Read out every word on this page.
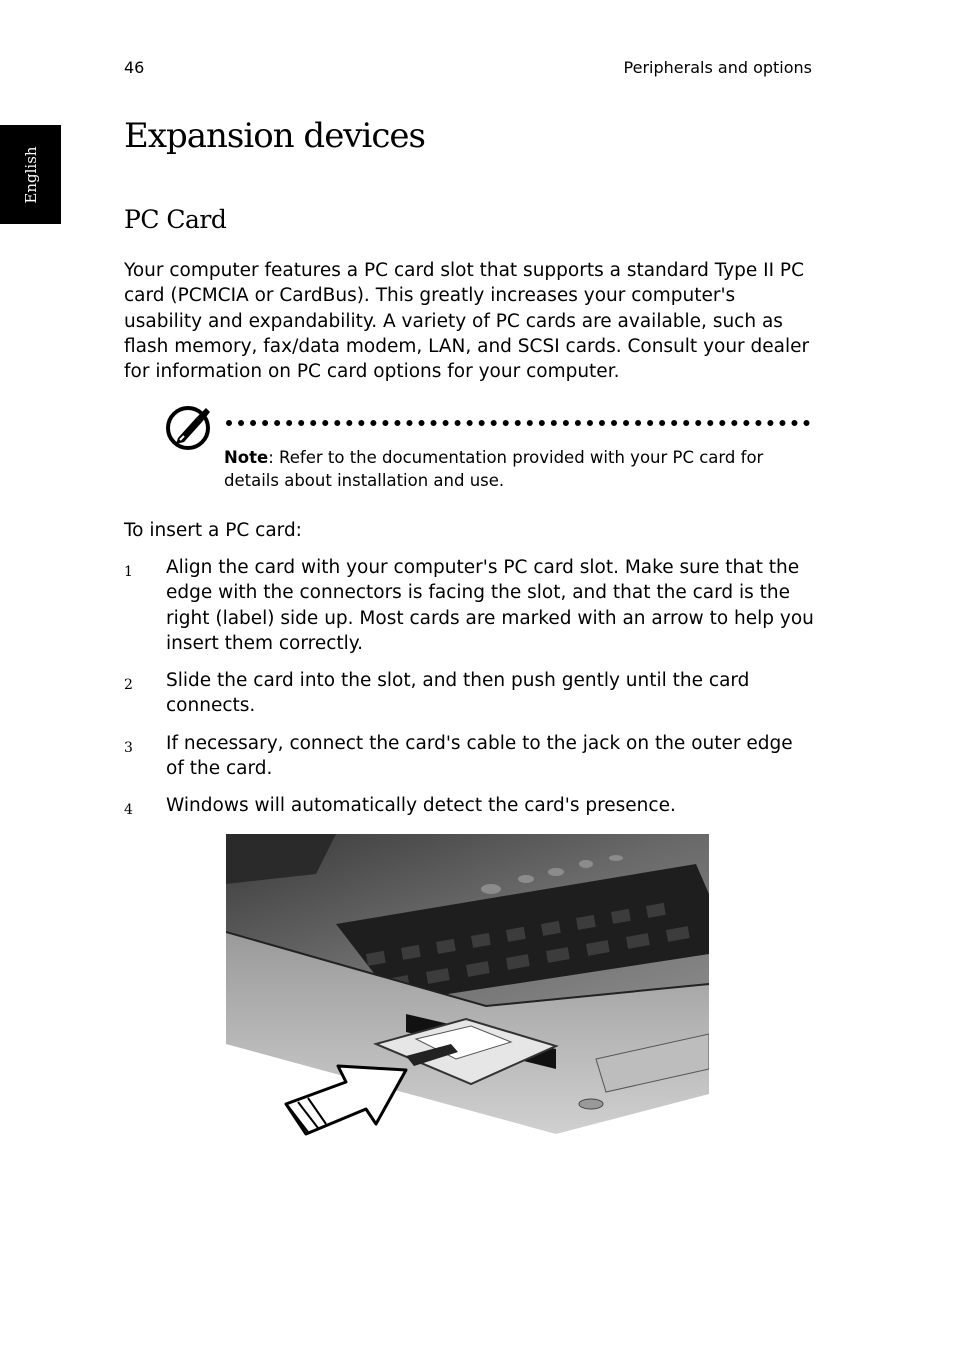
46	Peripherals and options
English
Expansion devices
PC Card

Your computer features a PC card slot that supports a standard Type II PC card (PCMCIA or CardBus). This greatly increases your computer's usability and expandability. A variety of PC cards are available, such as flash memory, fax/data modem, LAN, and SCSI cards. Consult your dealer for information on PC card options for your computer.

Note: Refer to the documentation provided with your PC card for details about installation and use.

To insert a PC card:

1	Align the card with your computer's PC card slot. Make sure that the edge with the connectors is facing the slot, and that the card is the right (label) side up. Most cards are marked with an arrow to help you insert them correctly.
2	Slide the card into the slot, and then push gently until the card connects.
3	If necessary, connect the card's cable to the jack on the outer edge of the card.
4	Windows will automatically detect the card's presence.
